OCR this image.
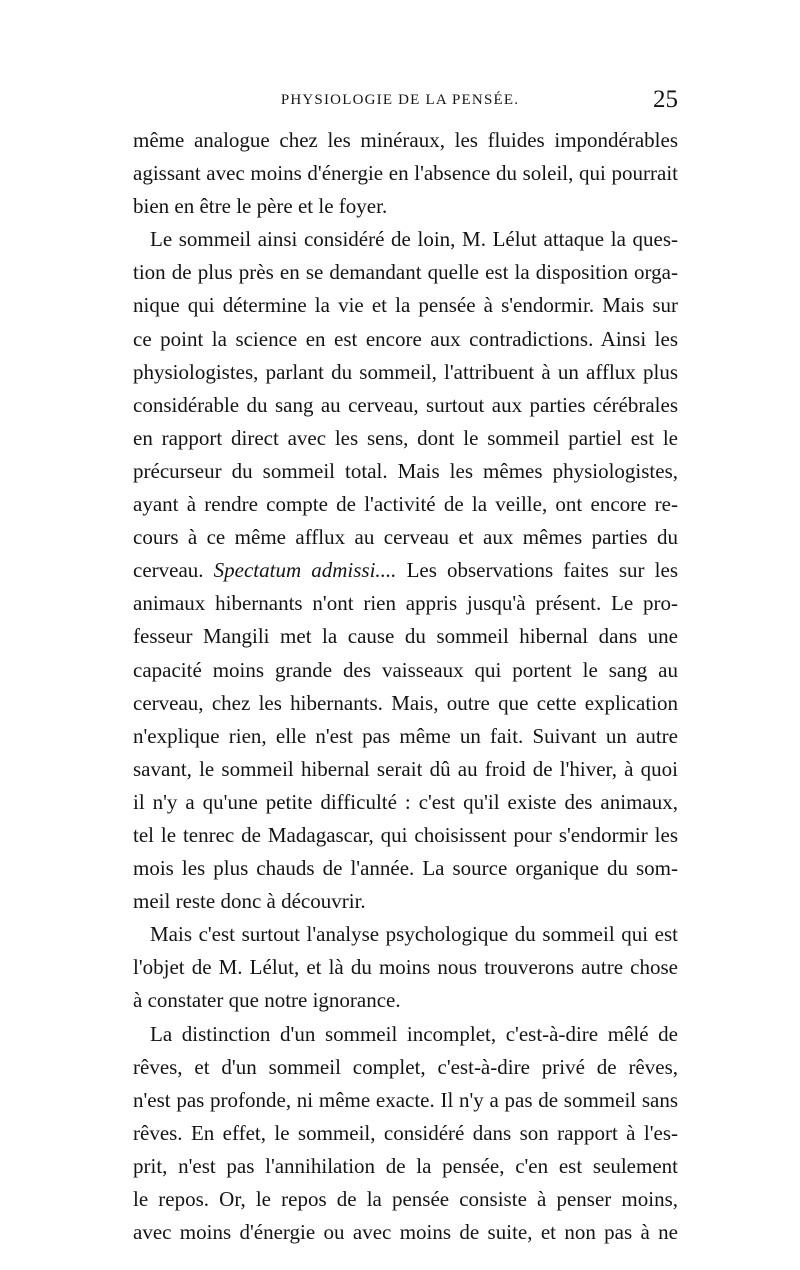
PHYSIOLOGIE DE LA PENSÉE.	25
même analogue chez les minéraux, les fluides impondérables
agissant avec moins d'énergie en l'absence du soleil, qui pourrait
bien en être le père et le foyer.
Le sommeil ainsi considéré de loin, M. Lélut attaque la ques-
tion de plus près en se demandant quelle est la disposition orga-
nique qui détermine la vie et la pensée à s'endormir. Mais sur
ce point la science en est encore aux contradictions. Ainsi les
physiologistes, parlant du sommeil, l'attribuent à un afflux plus
considérable du sang au cerveau, surtout aux parties cérébrales
en rapport direct avec les sens, dont le sommeil partiel est le
précurseur du sommeil total. Mais les mêmes physiologistes,
ayant à rendre compte de l'activité de la veille, ont encore re-
cours à ce même afflux au cerveau et aux mêmes parties du
cerveau. Spectatum admissi.... Les observations faites sur les
animaux hibernants n'ont rien appris jusqu'à présent. Le pro-
fesseur Mangili met la cause du sommeil hibernal dans une
capacité moins grande des vaisseaux qui portent le sang au
cerveau, chez les hibernants. Mais, outre que cette explication
n'explique rien, elle n'est pas même un fait. Suivant un autre
savant, le sommeil hibernal serait dû au froid de l'hiver, à quoi
il n'y a qu'une petite difficulté : c'est qu'il existe des animaux,
tel le tenrec de Madagascar, qui choisissent pour s'endormir les
mois les plus chauds de l'année. La source organique du som-
meil reste donc à découvrir.
Mais c'est surtout l'analyse psychologique du sommeil qui est
l'objet de M. Lélut, et là du moins nous trouverons autre chose
à constater que notre ignorance.
La distinction d'un sommeil incomplet, c'est-à-dire mêlé de
rêves, et d'un sommeil complet, c'est-à-dire privé de rêves,
n'est pas profonde, ni même exacte. Il n'y a pas de sommeil sans
rêves. En effet, le sommeil, considéré dans son rapport à l'es-
prit, n'est pas l'annihilation de la pensée, c'en est seulement
le repos. Or, le repos de la pensée consiste à penser moins,
avec moins d'énergie ou avec moins de suite, et non pas à ne
